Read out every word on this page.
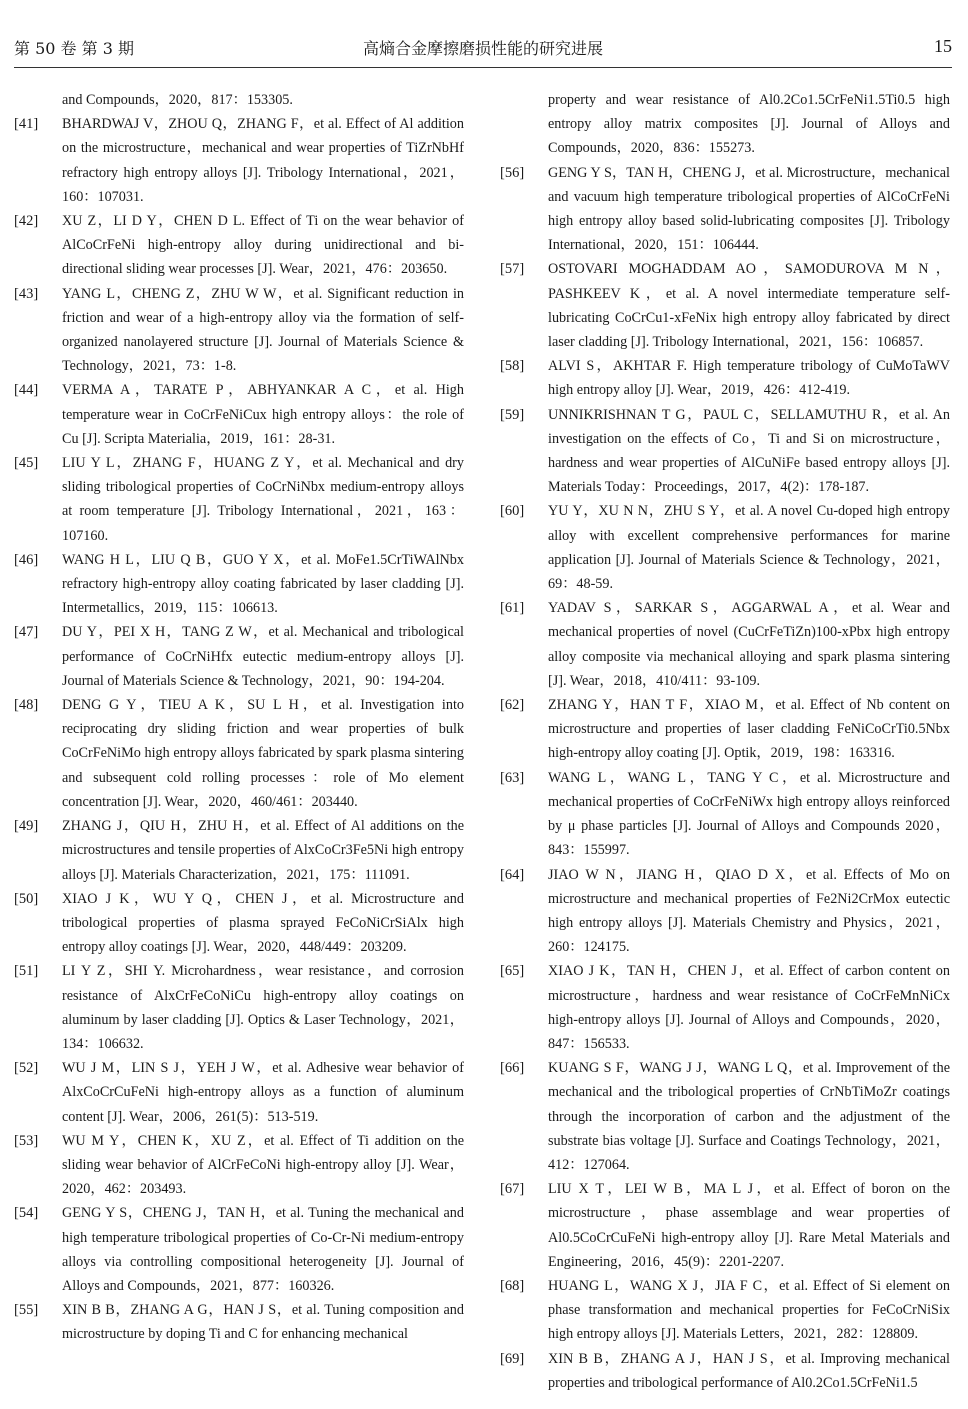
第 50 卷 第 3 期	高熵合金摩擦磨损性能的研究进展	15
and Compounds，2020，817：153305.
[41]	BHARDWAJ V，ZHOU Q，ZHANG F，et al. Effect of Al addition on the microstructure，mechanical and wear properties of TiZrNbHf refractory high entropy alloys [J]. Tribology International，2021，160：107031.
[42]	XU Z，LI D Y，CHEN D L. Effect of Ti on the wear behavior of AlCoCrFeNi high-entropy alloy during unidirectional and bi-directional sliding wear processes [J]. Wear，2021，476：203650.
[43]	YANG L，CHENG Z，ZHU W W，et al. Significant reduction in friction and wear of a high-entropy alloy via the formation of self-organized nanolayered structure [J]. Journal of Materials Science & Technology，2021，73：1-8.
[44]	VERMA A，TARATE P，ABHYANKAR A C，et al. High temperature wear in CoCrFeNiCux high entropy alloys：the role of Cu [J]. Scripta Materialia，2019，161：28-31.
[45]	LIU Y L，ZHANG F，HUANG Z Y，et al. Mechanical and dry sliding tribological properties of CoCrNiNbx medium-entropy alloys at room temperature [J]. Tribology International，2021，163：107160.
[46]	WANG H L，LIU Q B，GUO Y X，et al. MoFe1.5CrTiWAlNbx refractory high-entropy alloy coating fabricated by laser cladding [J]. Intermetallics，2019，115：106613.
[47]	DU Y，PEI X H，TANG Z W，et al. Mechanical and tribological performance of CoCrNiHfx eutectic medium-entropy alloys [J]. Journal of Materials Science & Technology，2021，90：194-204.
[48]	DENG G Y，TIEU A K，SU L H，et al. Investigation into reciprocating dry sliding friction and wear properties of bulk CoCrFeNiMo high entropy alloys fabricated by spark plasma sintering and subsequent cold rolling processes：role of Mo element concentration [J]. Wear，2020，460/461：203440.
[49]	ZHANG J，QIU H，ZHU H，et al. Effect of Al additions on the microstructures and tensile properties of AlxCoCr3Fe5Ni high entropy alloys [J]. Materials Characterization，2021，175：111091.
[50]	XIAO J K，WU Y Q，CHEN J，et al. Microstructure and tribological properties of plasma sprayed FeCoNiCrSiAlx high entropy alloy coatings [J]. Wear，2020，448/449：203209.
[51]	LI Y Z，SHI Y. Microhardness，wear resistance，and corrosion resistance of AlxCrFeCoNiCu high-entropy alloy coatings on aluminum by laser cladding [J]. Optics & Laser Technology，2021，134：106632.
[52]	WU J M，LIN S J，YEH J W，et al. Adhesive wear behavior of AlxCoCrCuFeNi high-entropy alloys as a function of aluminum content [J]. Wear，2006，261(5)：513-519.
[53]	WU M Y，CHEN K，XU Z，et al. Effect of Ti addition on the sliding wear behavior of AlCrFeCoNi high-entropy alloy [J]. Wear，2020，462：203493.
[54]	GENG Y S，CHENG J，TAN H，et al. Tuning the mechanical and high temperature tribological properties of Co-Cr-Ni medium-entropy alloys via controlling compositional heterogeneity [J]. Journal of Alloys and Compounds，2021，877：160326.
[55]	XIN B B，ZHANG A G，HAN J S，et al. Tuning composition and microstructure by doping Ti and C for enhancing mechanical
property and wear resistance of Al0.2Co1.5CrFeNi1.5Ti0.5 high entropy alloy matrix composites [J]. Journal of Alloys and Compounds，2020，836：155273.
[56]	GENG Y S，TAN H，CHENG J，et al. Microstructure，mechanical and vacuum high temperature tribological properties of AlCoCrFeNi high entropy alloy based solid-lubricating composites [J]. Tribology International，2020，151：106444.
[57]	OSTOVARI MOGHADDAM AO，SAMODUROVA M N，PASHKEEV K，et al. A novel intermediate temperature self-lubricating CoCrCu1-xFeNix high entropy alloy fabricated by direct laser cladding [J]. Tribology International，2021，156：106857.
[58]	ALVI S，AKHTAR F. High temperature tribology of CuMoTaWV high entropy alloy [J]. Wear，2019，426：412-419.
[59]	UNNIKRISHNAN T G，PAUL C，SELLAMUTHU R，et al. An investigation on the effects of Co，Ti and Si on microstructure，hardness and wear properties of AlCuNiFe based entropy alloys [J]. Materials Today：Proceedings，2017，4(2)：178-187.
[60]	YU Y，XU N N，ZHU S Y，et al. A novel Cu-doped high entropy alloy with excellent comprehensive performances for marine application [J]. Journal of Materials Science & Technology，2021，69：48-59.
[61]	YADAV S，SARKAR S，AGGARWAL A，et al. Wear and mechanical properties of novel (CuCrFeTiZn)100-xPbx high entropy alloy composite via mechanical alloying and spark plasma sintering [J]. Wear，2018，410/411：93-109.
[62]	ZHANG Y，HAN T F，XIAO M，et al. Effect of Nb content on microstructure and properties of laser cladding FeNiCoCrTi0.5Nbx high-entropy alloy coating [J]. Optik，2019，198：163316.
[63]	WANG L，WANG L，TANG Y C，et al. Microstructure and mechanical properties of CoCrFeNiWx high entropy alloys reinforced by μ phase particles [J]. Journal of Alloys and Compounds 2020，843：155997.
[64]	JIAO W N，JIANG H，QIAO D X，et al. Effects of Mo on microstructure and mechanical properties of Fe2Ni2CrMox eutectic high entropy alloys [J]. Materials Chemistry and Physics，2021，260：124175.
[65]	XIAO J K，TAN H，CHEN J，et al. Effect of carbon content on microstructure，hardness and wear resistance of CoCrFeMnNiCx high-entropy alloys [J]. Journal of Alloys and Compounds，2020，847：156533.
[66]	KUANG S F，WANG J J，WANG L Q，et al. Improvement of the mechanical and the tribological properties of CrNbTiMoZr coatings through the incorporation of carbon and the adjustment of the substrate bias voltage [J]. Surface and Coatings Technology，2021，412：127064.
[67]	LIU X T，LEI W B，MA L J，et al. Effect of boron on the microstructure，phase assemblage and wear properties of Al0.5CoCrCuFeNi high-entropy alloy [J]. Rare Metal Materials and Engineering，2016，45(9)：2201-2207.
[68]	HUANG L，WANG X J，JIA F C，et al. Effect of Si element on phase transformation and mechanical properties for FeCoCrNiSix high entropy alloys [J]. Materials Letters，2021，282：128809.
[69]	XIN B B，ZHANG A J，HAN J S，et al. Improving mechanical properties and tribological performance of Al0.2Co1.5CrFeNi1.5
